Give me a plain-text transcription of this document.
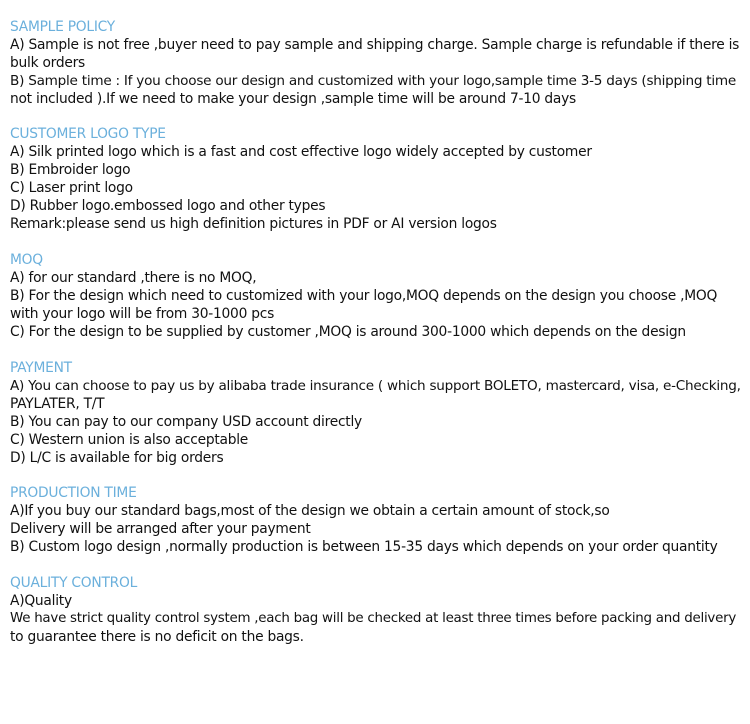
SAMPLE POLICY

A) Sample is not free ,buyer need to pay sample and shipping charge. Sample charge is refundable if there is

bulk orders

B) Sample time : If you choose our design and customized with your logo,sample time 3-5 days (shipping time

not included ).If we need to make your design ,sample time will be around 7-10 days

CUSTOMER LOGO TYPE

A) Silk printed logo which is a fast and cost effective logo widely accepted by customer

B) Embroider logo

C) Laser print logo

D) Rubber logo.embossed logo and other types

Remark:please send us high definition pictures in PDF or AI version logos

MOQ

A) for our standard ,there is no MOQ,

B) For the design which need to customized with your logo,MOQ depends on the design you choose ,MOQ

with your logo will be from 30-1000 pcs

C) For the design to be supplied by customer ,MOQ is around 300-1000 which depends on the design

PAYMENT

A) You can choose to pay us by alibaba trade insurance ( which support BOLETO, mastercard, visa, e-Checking,

PAYLATER, T/T

B) You can pay to our company USD account directly

C) Western union is also acceptable

D) L/C is available for big orders

PRODUCTION TIME

A)If you buy our standard bags,most of the design we obtain a certain amount of stock,so

Delivery will be arranged after your payment

B) Custom logo design ,normally production is between 15-35 days which depends on your order quantity

QUALITY CONTROL

A)Quality

We have strict quality control system ,each bag will be checked at least three times before packing and delivery

to guarantee there is no deficit on the bags.
